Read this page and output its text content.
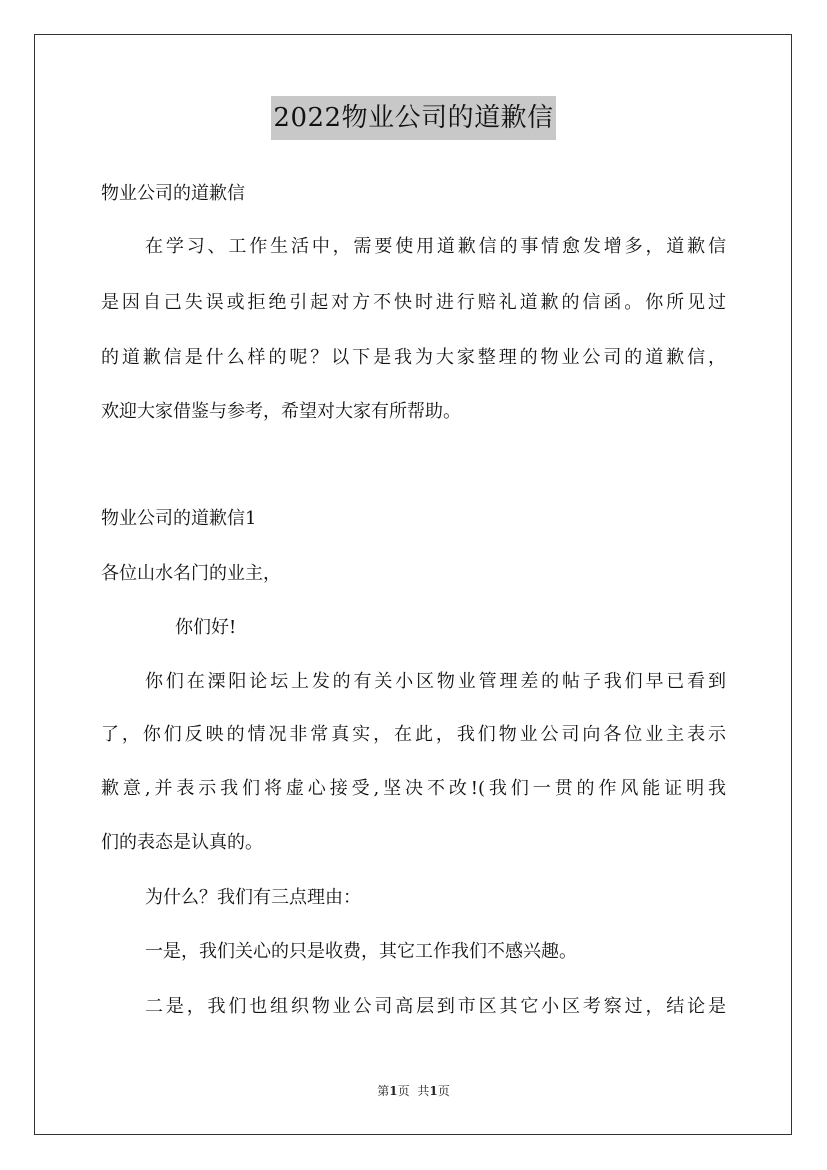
2022物业公司的道歉信
物业公司的道歉信
在学习、工作生活中，需要使用道歉信的事情愈发增多，道歉信
是因自己失误或拒绝引起对方不快时进行赔礼道歉的信函。你所见过
的道歉信是什么样的呢？以下是我为大家整理的物业公司的道歉信，
欢迎大家借鉴与参考，希望对大家有所帮助。
物业公司的道歉信1
各位山水名门的业主，
你们好!
你们在溧阳论坛上发的有关小区物业管理差的帖子我们早已看到
了，你们反映的情况非常真实，在此，我们物业公司向各位业主表示
歉意,并表示我们将虚心接受,坚决不改!(我们一贯的作风能证明我
们的表态是认真的。
为什么？我们有三点理由：
一是，我们关心的只是收费，其它工作我们不感兴趣。
二是，我们也组织物业公司高层到市区其它小区考察过，结论是
第1页 共1页
